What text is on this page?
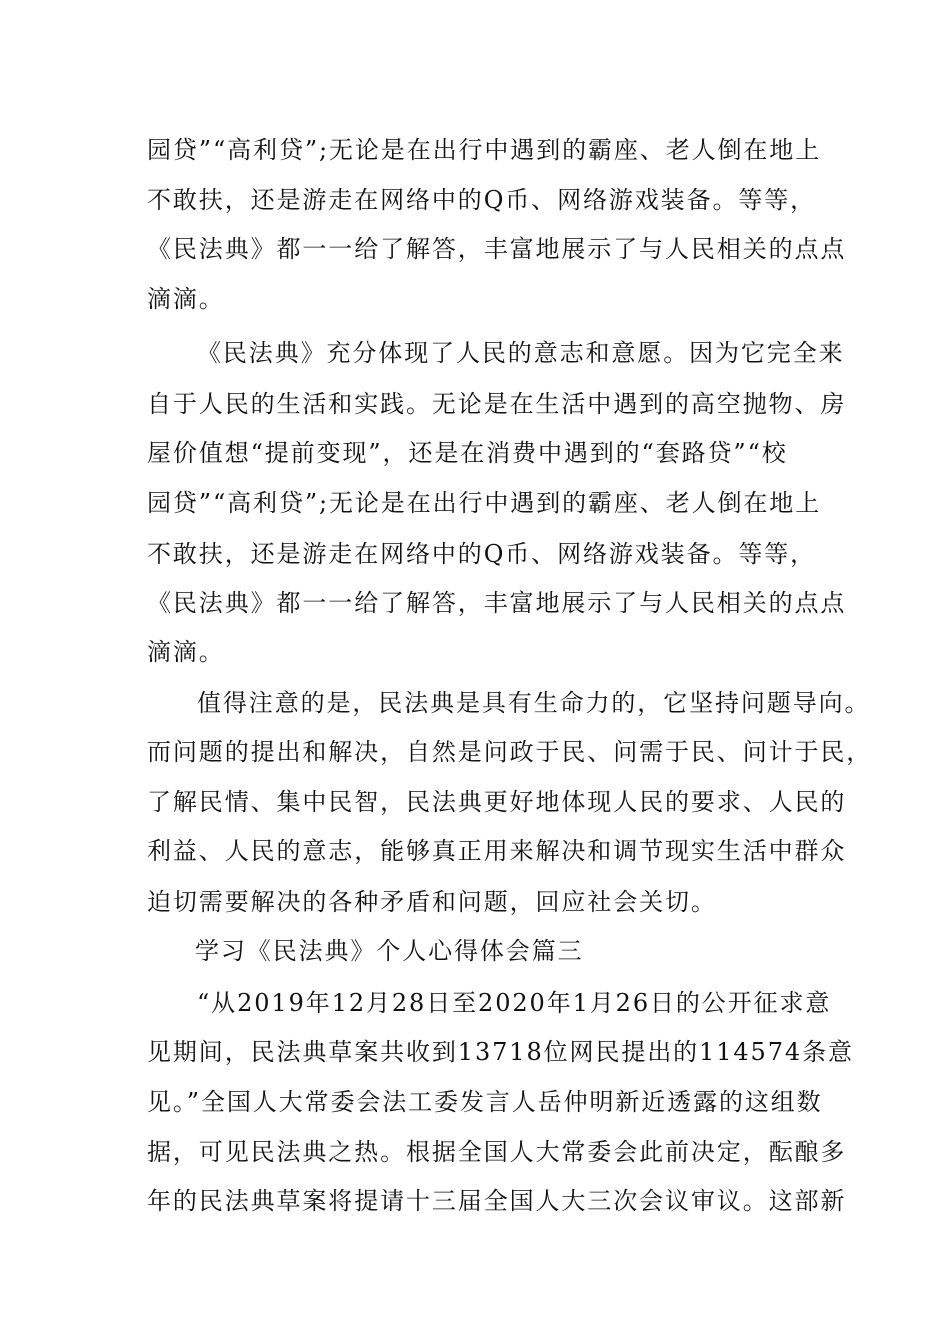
园贷”“高利贷”;无论是在出行中遇到的霸座、老人倒在地上

不敢扶，还是游走在网络中的Q币、网络游戏装备。等等，

《民法典》都一一给了解答，丰富地展示了与人民相关的点点

滴滴。

《民法典》充分体现了人民的意志和意愿。因为它完全来

自于人民的生活和实践。无论是在生活中遇到的高空抛物、房

屋价值想“提前变现”，还是在消费中遇到的“套路贷”“校

园贷”“高利贷”;无论是在出行中遇到的霸座、老人倒在地上

不敢扶，还是游走在网络中的Q币、网络游戏装备。等等，

《民法典》都一一给了解答，丰富地展示了与人民相关的点点

滴滴。

值得注意的是，民法典是具有生命力的，它坚持问题导向。

而问题的提出和解决，自然是问政于民、问需于民、问计于民，

了解民情、集中民智，民法典更好地体现人民的要求、人民的

利益、人民的意志，能够真正用来解决和调节现实生活中群众

迫切需要解决的各种矛盾和问题，回应社会关切。

学习《民法典》个人心得体会篇三

“从2019年12月28日至2020年1月26日的公开征求意

见期间，民法典草案共收到13718位网民提出的114574条意

见。”全国人大常委会法工委发言人岳仲明新近透露的这组数

据，可见民法典之热。根据全国人大常委会此前决定，酝酿多

年的民法典草案将提请十三届全国人大三次会议审议。这部新
